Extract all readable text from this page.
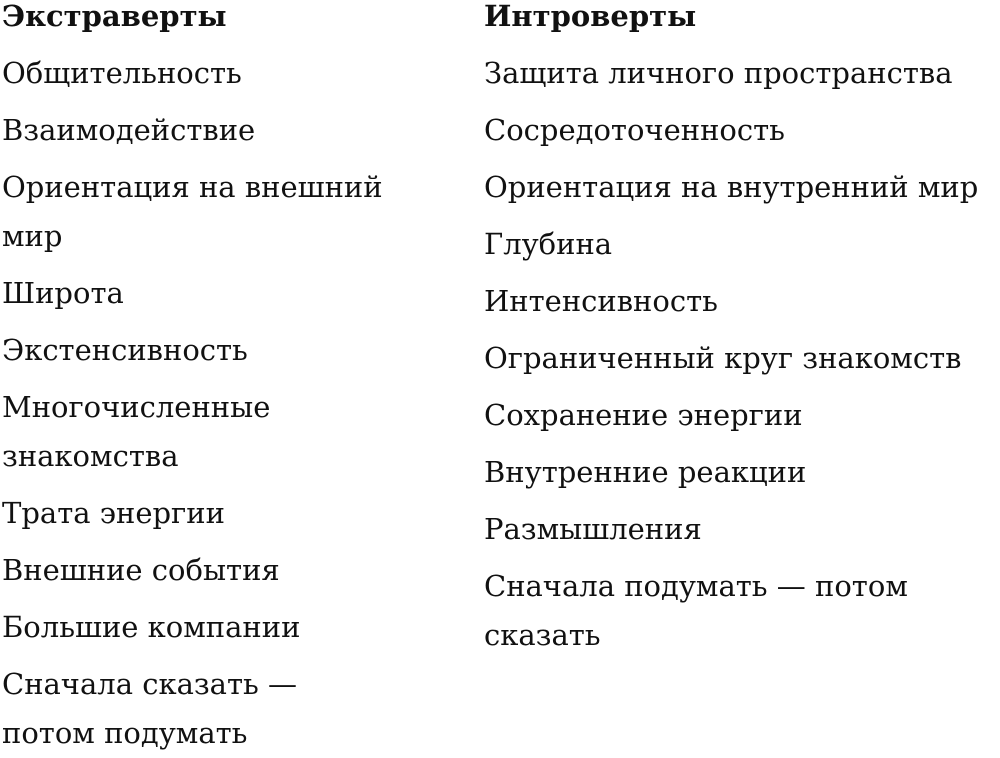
Экстраверты
Общительность
Взаимодействие
Ориентация на внешний мир
Широта
Экстенсивность
Многочисленные знакомства
Трата энергии
Внешние события
Большие компании
Сначала сказать — потом подумать
Интроверты
Защита личного пространства
Сосредоточенность
Ориентация на внутренний мир
Глубина
Интенсивность
Ограниченный круг знакомств
Сохранение энергии
Внутренние реакции
Размышления
Сначала подумать — потом сказать
